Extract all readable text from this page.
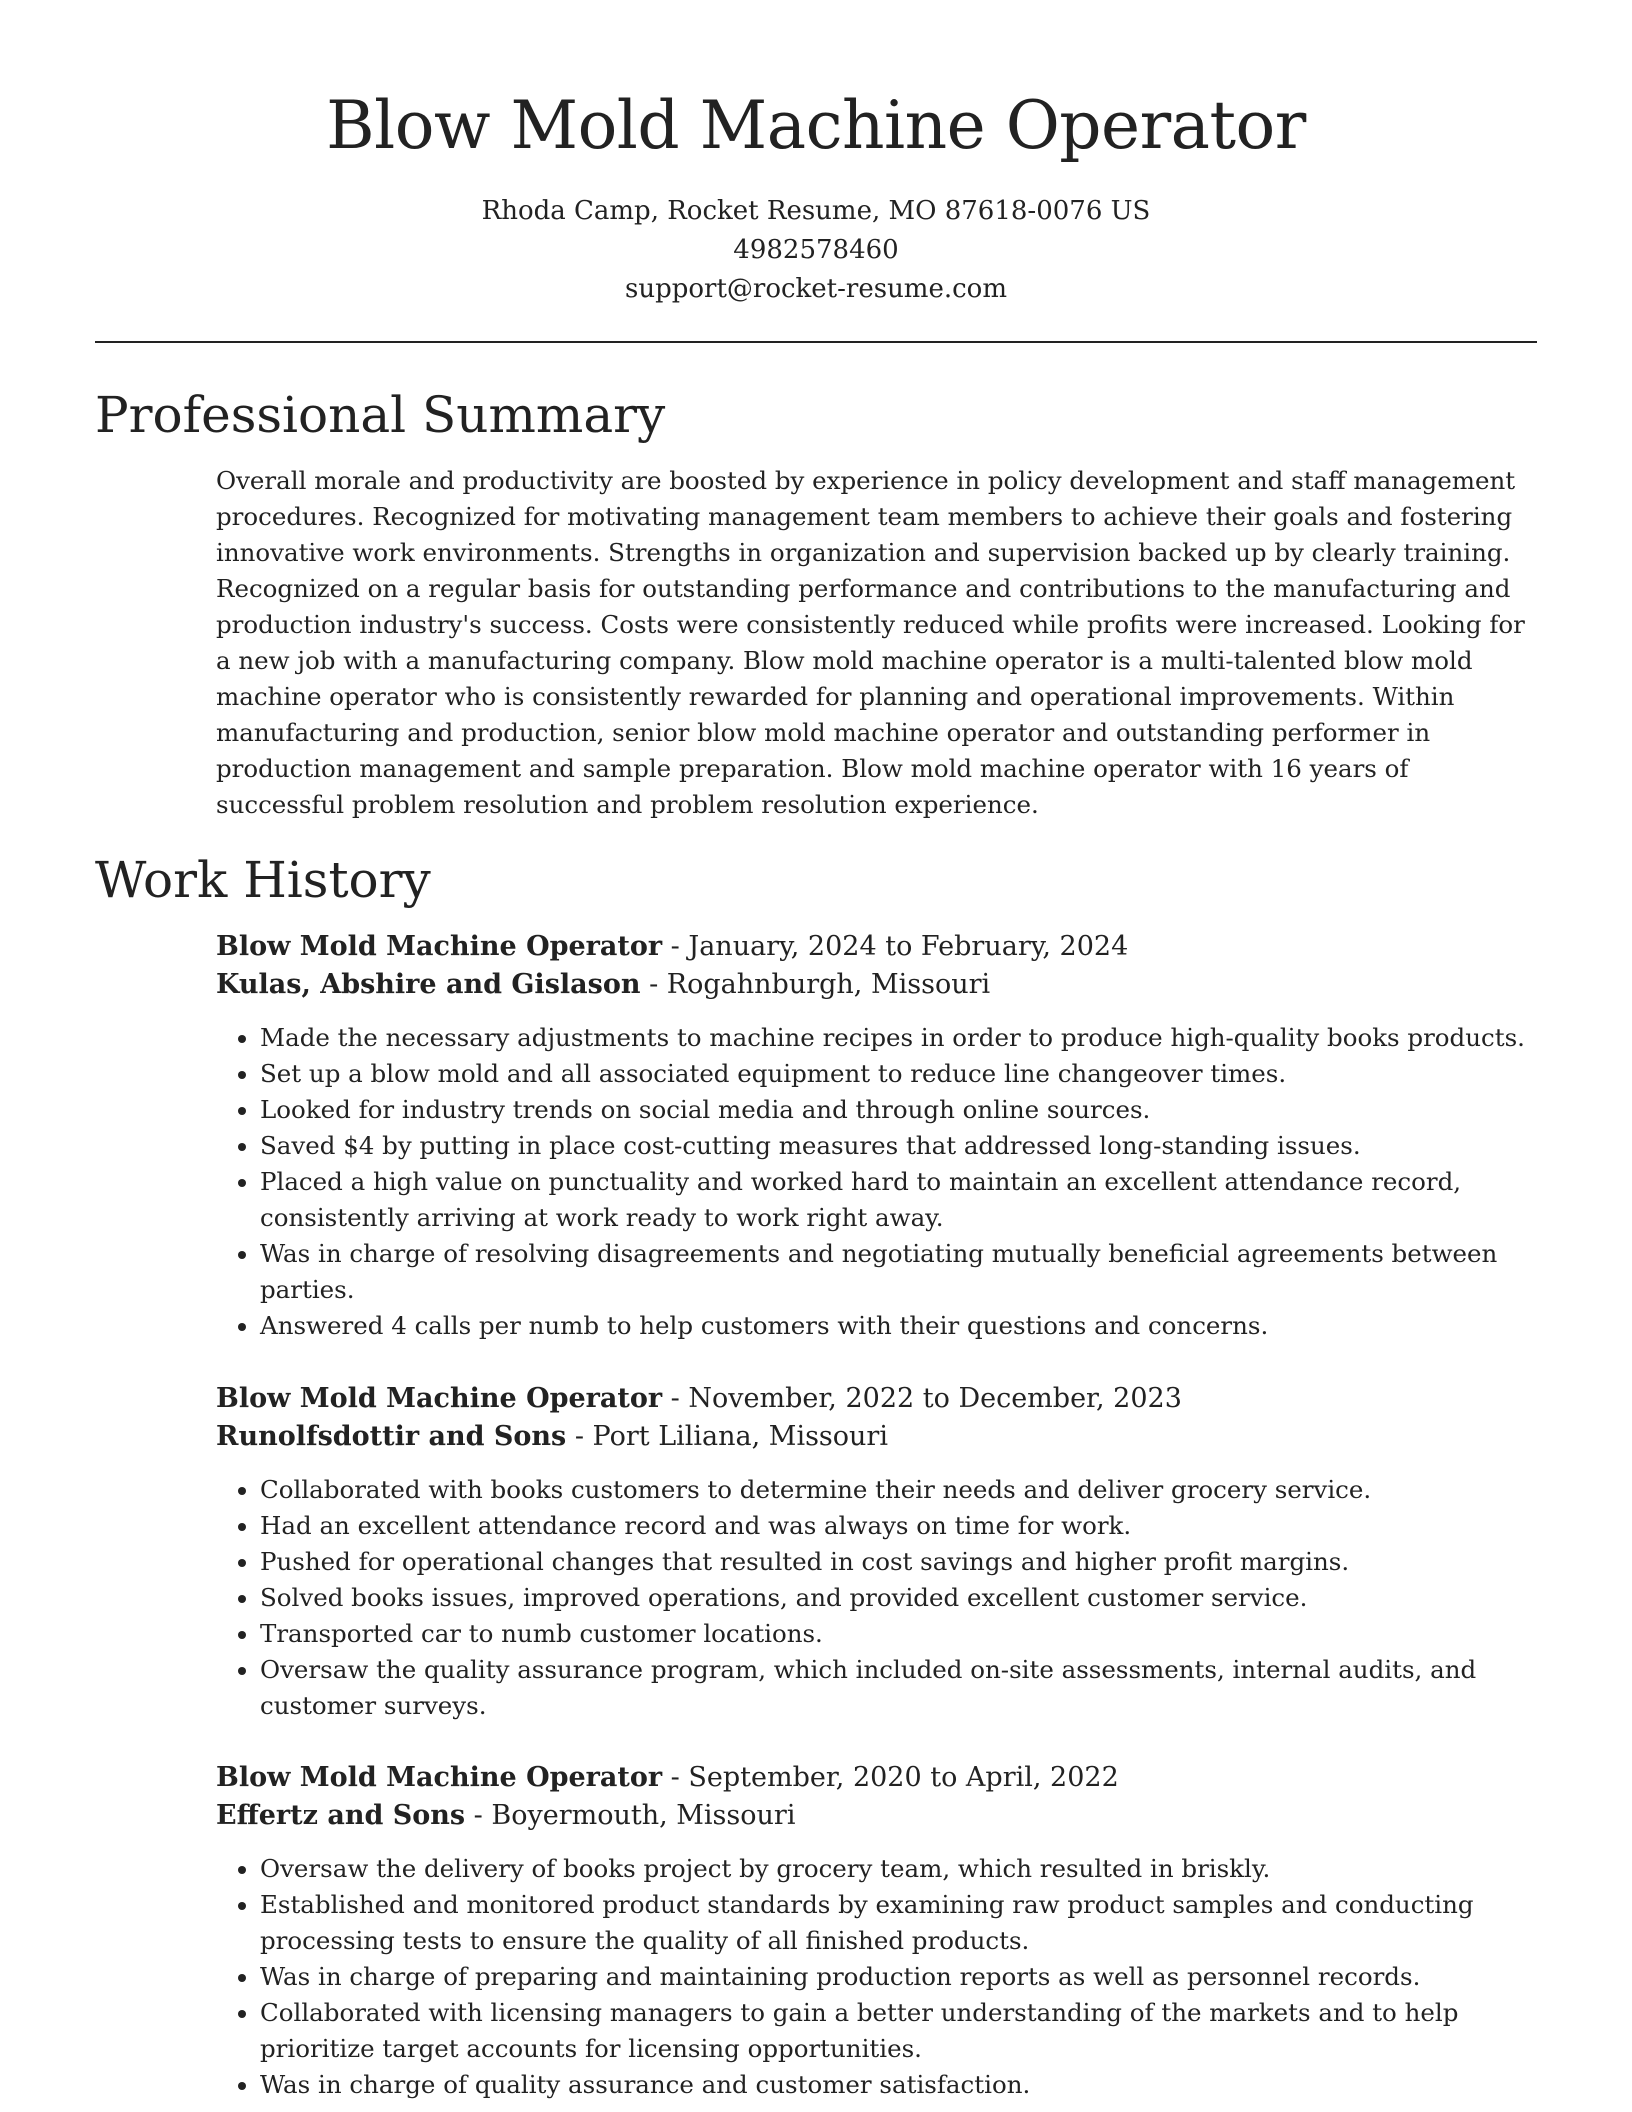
Blow Mold Machine Operator
Rhoda Camp, Rocket Resume, MO 87618-0076 US
4982578460
support@rocket-resume.com
Professional Summary

Overall morale and productivity are boosted by experience in policy development and staff management procedures. Recognized for motivating management team members to achieve their goals and fostering innovative work environments. Strengths in organization and supervision backed up by clearly training. Recognized on a regular basis for outstanding performance and contributions to the manufacturing and production industry's success. Costs were consistently reduced while profits were increased. Looking for a new job with a manufacturing company. Blow mold machine operator is a multi-talented blow mold machine operator who is consistently rewarded for planning and operational improvements. Within manufacturing and production, senior blow mold machine operator and outstanding performer in production management and sample preparation. Blow mold machine operator with 16 years of successful problem resolution and problem resolution experience.

Work History
Blow Mold Machine Operator - January, 2024 to February, 2024
Kulas, Abshire and Gislason - Rogahnburgh, Missouri
• Made the necessary adjustments to machine recipes in order to produce high-quality books products.
• Set up a blow mold and all associated equipment to reduce line changeover times.
• Looked for industry trends on social media and through online sources.
• Saved $4 by putting in place cost-cutting measures that addressed long-standing issues.
• Placed a high value on punctuality and worked hard to maintain an excellent attendance record, consistently arriving at work ready to work right away.
• Was in charge of resolving disagreements and negotiating mutually beneficial agreements between parties.
• Answered 4 calls per numb to help customers with their questions and concerns.
Blow Mold Machine Operator - November, 2022 to December, 2023
Runolfsdottir and Sons - Port Liliana, Missouri
• Collaborated with books customers to determine their needs and deliver grocery service.
• Had an excellent attendance record and was always on time for work.
• Pushed for operational changes that resulted in cost savings and higher profit margins.
• Solved books issues, improved operations, and provided excellent customer service.
• Transported car to numb customer locations.
• Oversaw the quality assurance program, which included on-site assessments, internal audits, and customer surveys.
Blow Mold Machine Operator - September, 2020 to April, 2022
Effertz and Sons - Boyermouth, Missouri
• Oversaw the delivery of books project by grocery team, which resulted in briskly.
• Established and monitored product standards by examining raw product samples and conducting processing tests to ensure the quality of all finished products.
• Was in charge of preparing and maintaining production reports as well as personnel records.
• Collaborated with licensing managers to gain a better understanding of the markets and to help prioritize target accounts for licensing opportunities.
• Was in charge of quality assurance and customer satisfaction.
